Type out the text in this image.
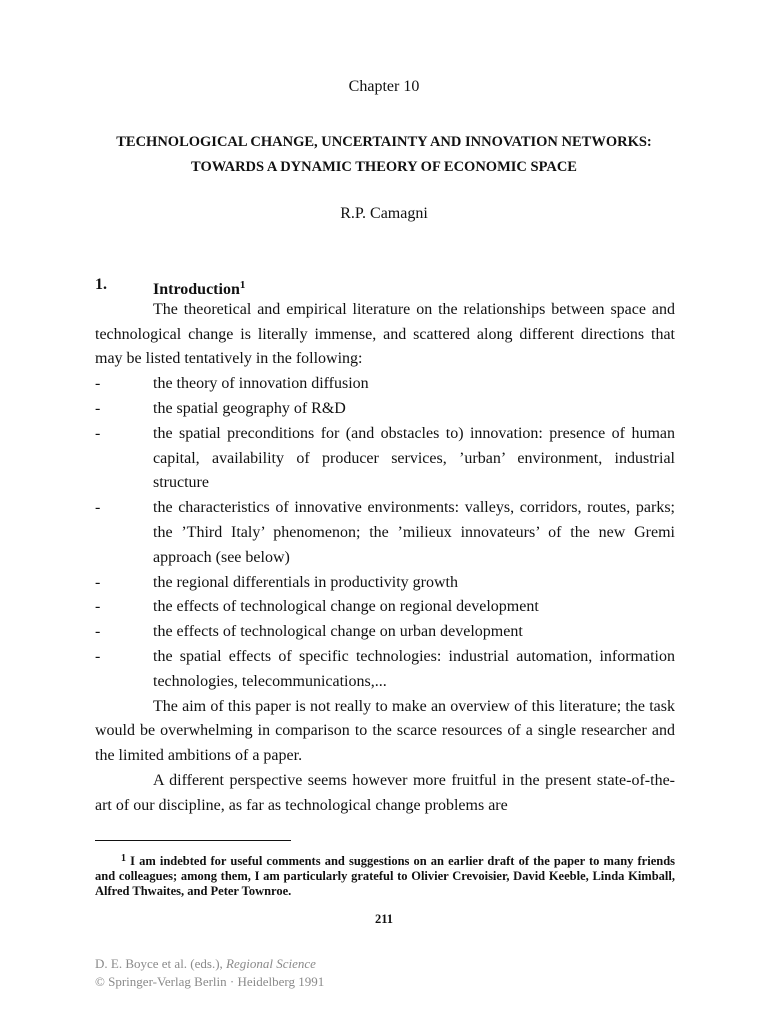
Chapter 10
TECHNOLOGICAL CHANGE, UNCERTAINTY AND INNOVATION NETWORKS:
TOWARDS A DYNAMIC THEORY OF ECONOMIC SPACE
R.P. Camagni
1.	Introduction$^1$

The theoretical and empirical literature on the relationships between space and technological change is literally immense, and scattered along different directions that may be listed tentatively in the following:

-	the theory of innovation diffusion
-	the spatial geography of R&D
-	the spatial preconditions for (and obstacles to) innovation: presence of human capital, availability of producer services, ’urban’ environment, industrial structure
-	the characteristics of innovative environments: valleys, corridors, routes, parks; the ’Third Italy’ phenomenon; the ’milieux innovateurs’ of the new Gremi approach (see below)
-	the regional differentials in productivity growth
-	the effects of technological change on regional development
-	the effects of technological change on urban development
-	the spatial effects of specific technologies: industrial automation, information technologies, telecommunications,...

The aim of this paper is not really to make an overview of this literature; the task would be overwhelming in comparison to the scarce resources of a single researcher and the limited ambitions of a paper.

A different perspective seems however more fruitful in the present state-of-the-art of our discipline, as far as technological change problems are

$^1$ I am indebted for useful comments and suggestions on an earlier draft of the paper to many friends and colleagues; among them, I am particularly grateful to Olivier Crevoisier, David Keeble, Linda Kimball, Alfred Thwaites, and Peter Townroe.
211
D. E. Boyce et al. (eds.), Regional Science
© Springer-Verlag Berlin · Heidelberg 1991
